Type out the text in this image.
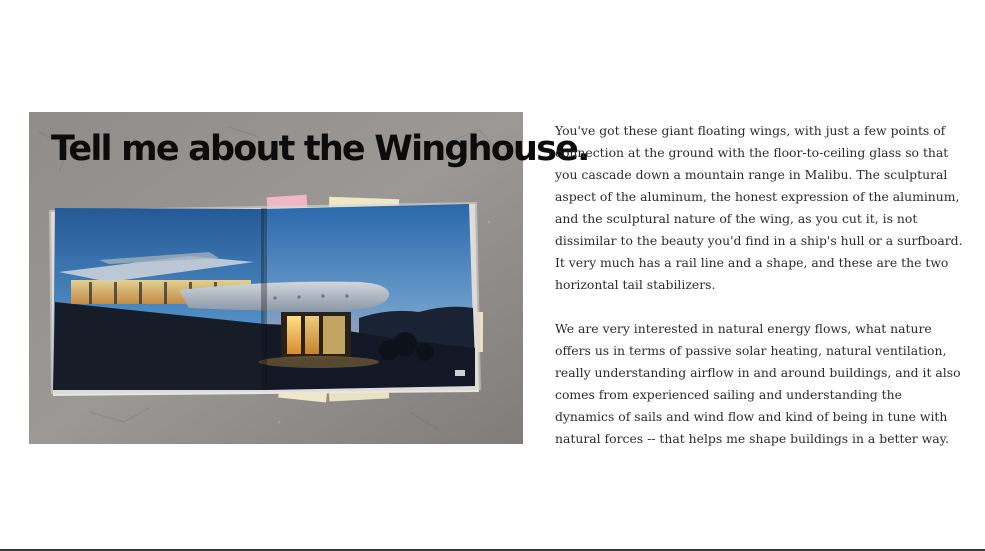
Tell me about the Winghouse.

You've got these giant floating wings, with just a few points of connection at the ground with the floor-to-ceiling glass so that you cascade down a mountain range in Malibu. The sculptural aspect of the aluminum, the honest expression of the aluminum, and the sculptural nature of the wing, as you cut it, is not dissimilar to the beauty you'd find in a ship's hull or a surfboard. It very much has a rail line and a shape, and these are the two horizontal tail stabilizers.

We are very interested in natural energy flows, what nature offers us in terms of passive solar heating, natural ventilation, really understanding airflow in and around buildings, and it also comes from experienced sailing and understanding the dynamics of sails and wind flow and kind of being in tune with natural forces -- that helps me shape buildings in a better way.
